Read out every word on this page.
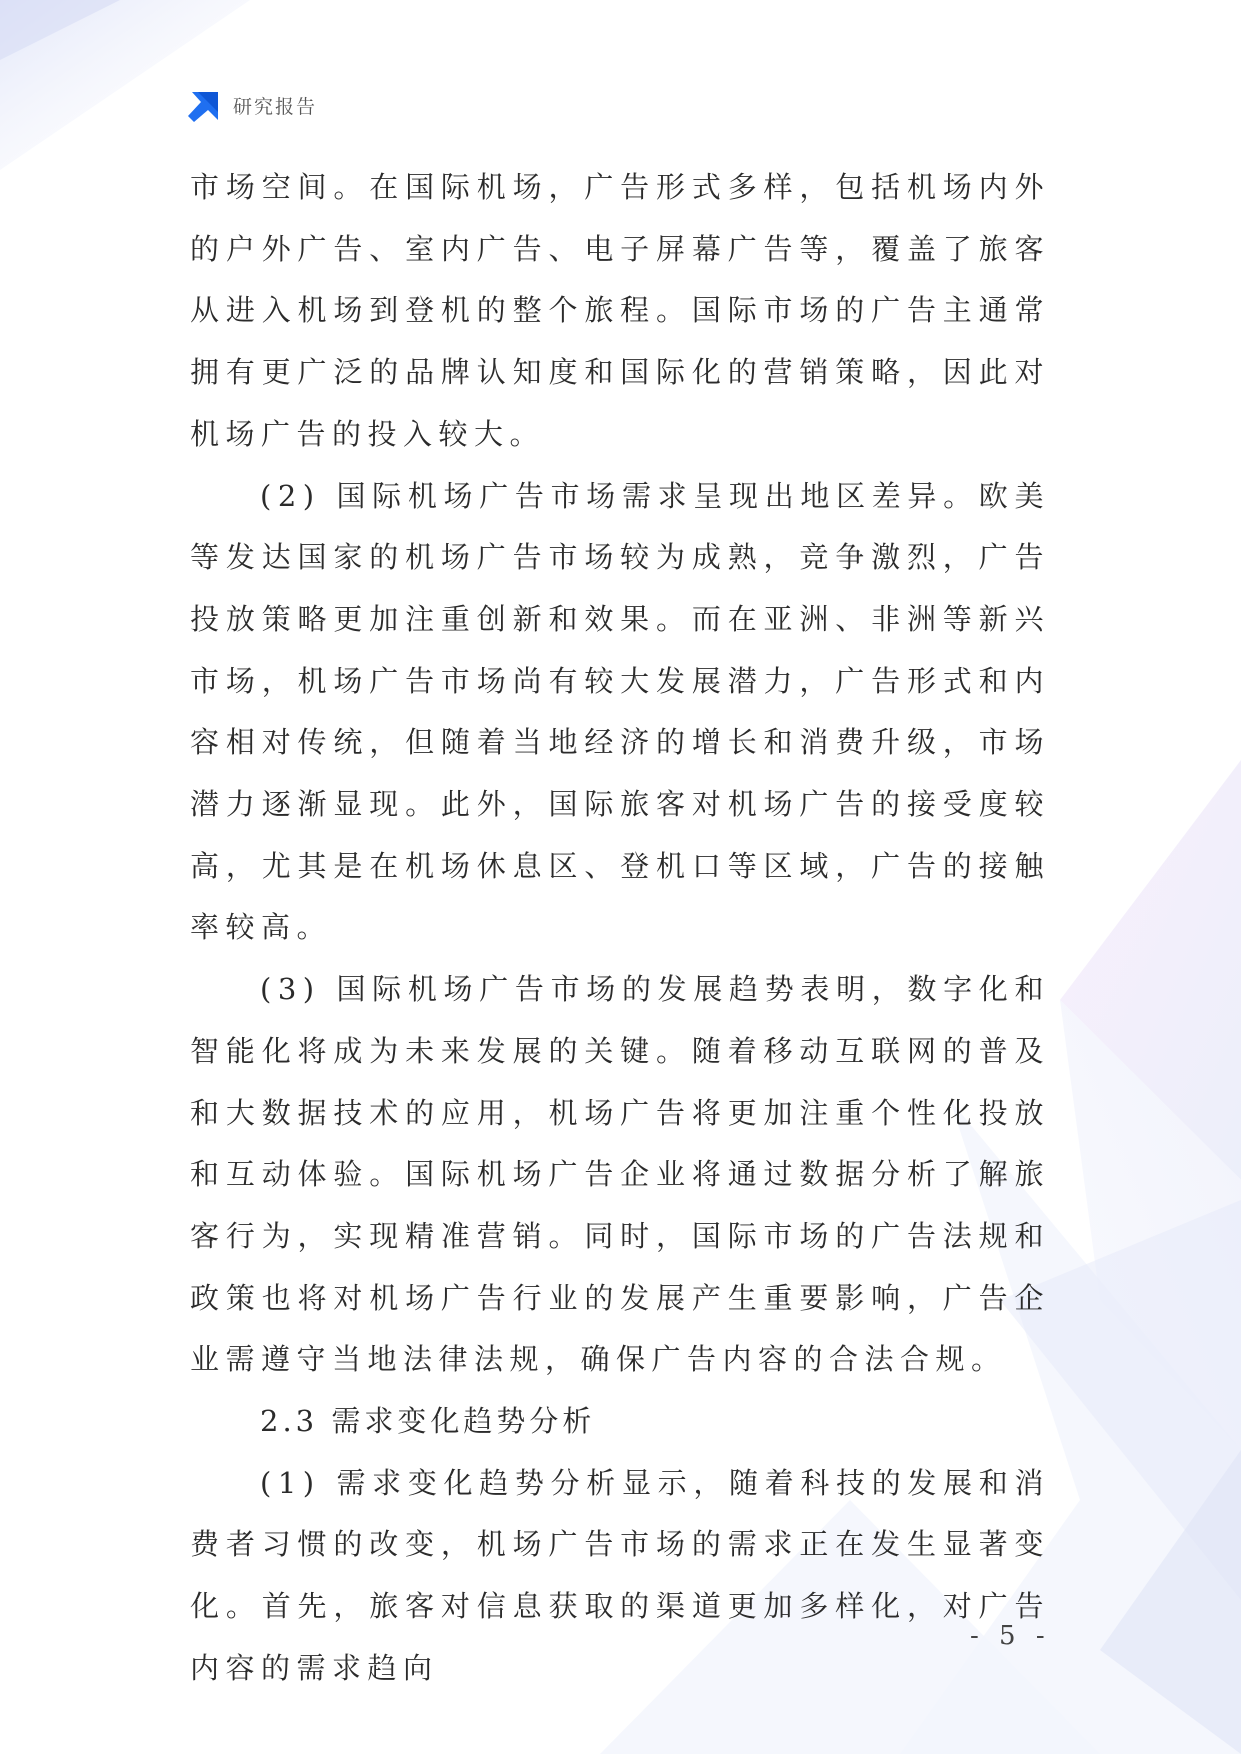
研究报告

市场空间。在国际机场，广告形式多样，包括机场内外的户外广告、室内广告、电子屏幕广告等，覆盖了旅客从进入机场到登机的整个旅程。国际市场的广告主通常拥有更广泛的品牌认知度和国际化的营销策略，因此对机场广告的投入较大。

(2) 国际机场广告市场需求呈现出地区差异。欧美等发达国家的机场广告市场较为成熟，竞争激烈，广告投放策略更加注重创新和效果。而在亚洲、非洲等新兴市场，机场广告市场尚有较大发展潜力，广告形式和内容相对传统，但随着当地经济的增长和消费升级，市场潜力逐渐显现。此外，国际旅客对机场广告的接受度较高，尤其是在机场休息区、登机口等区域，广告的接触率较高。

(3) 国际机场广告市场的发展趋势表明，数字化和智能化将成为未来发展的关键。随着移动互联网的普及和大数据技术的应用，机场广告将更加注重个性化投放和互动体验。国际机场广告企业将通过数据分析了解旅客行为，实现精准营销。同时，国际市场的广告法规和政策也将对机场广告行业的发展产生重要影响，广告企业需遵守当地法律法规，确保广告内容的合法合规。

2.3 需求变化趋势分析

(1) 需求变化趋势分析显示，随着科技的发展和消费者习惯的改变，机场广告市场的需求正在发生显著变化。首先，旅客对信息获取的渠道更加多样化，对广告内容的需求趋向

- 5 -
